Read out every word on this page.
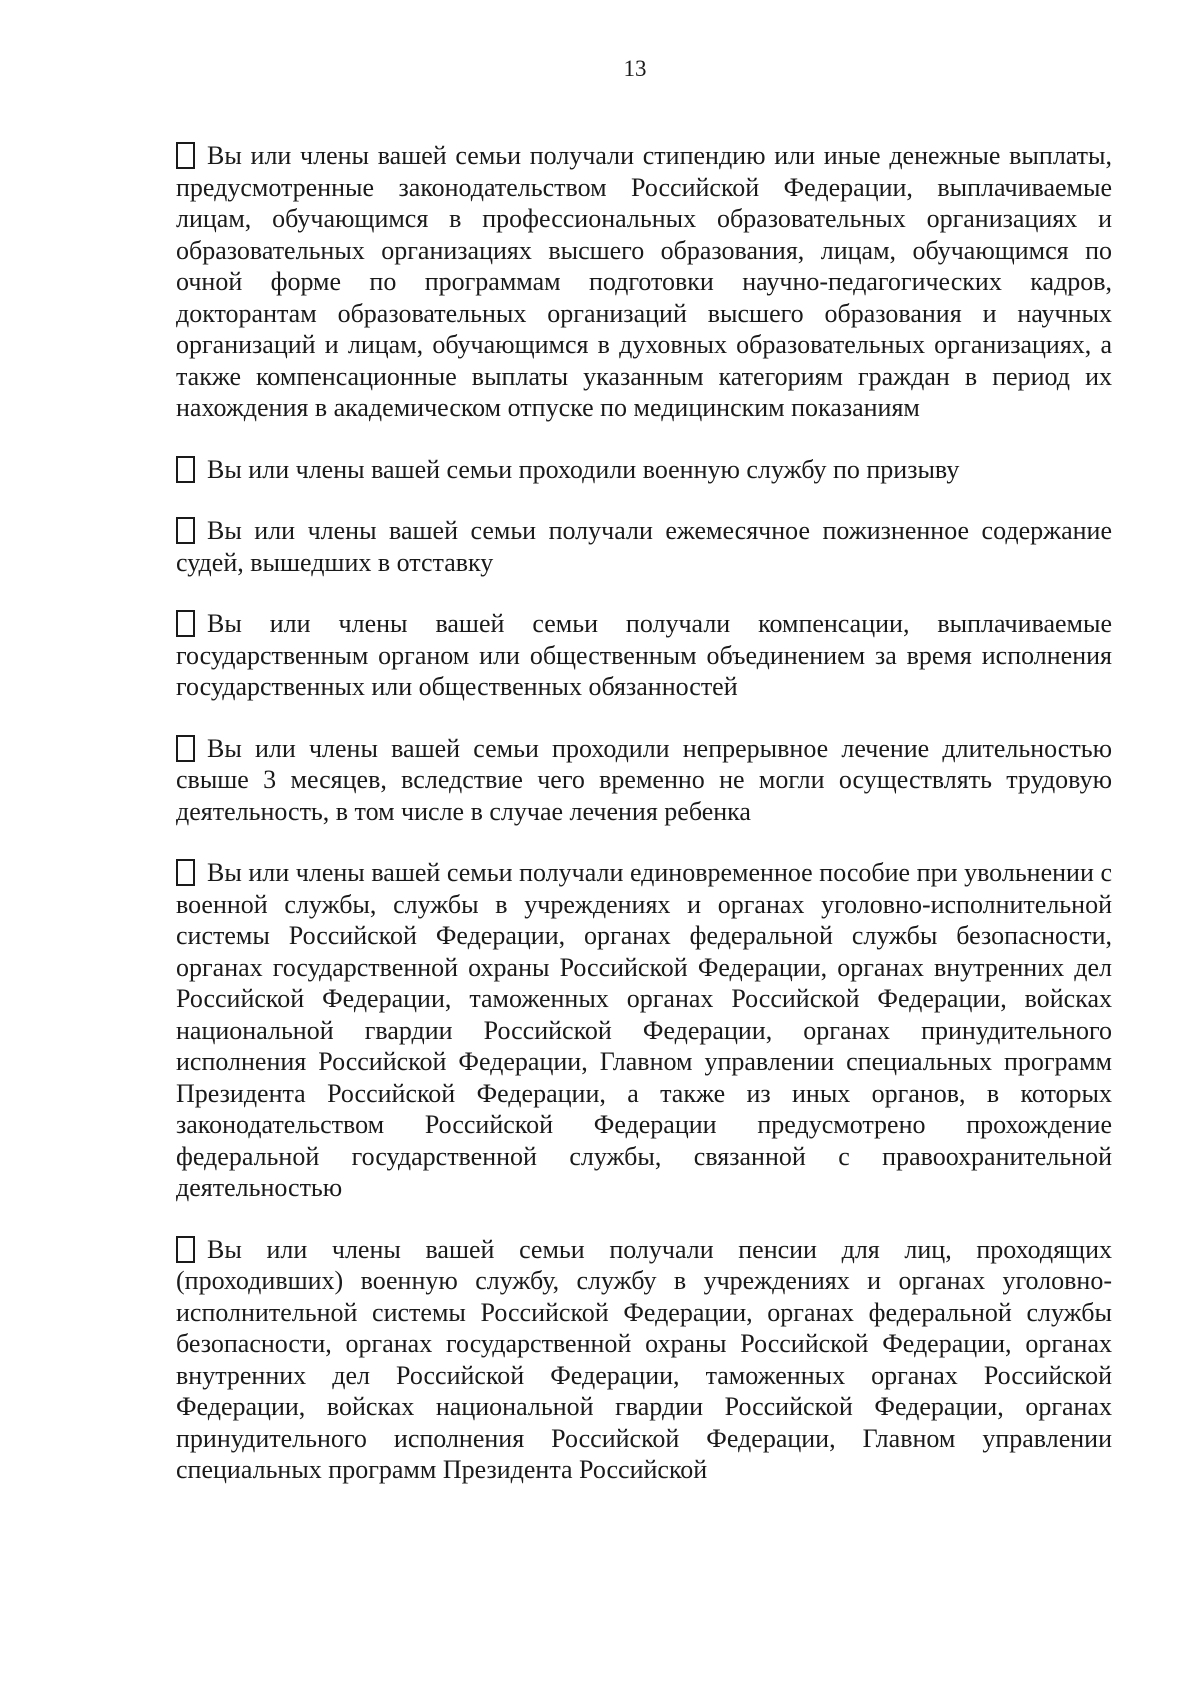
13
Вы или члены вашей семьи получали стипендию или иные денежные выплаты, предусмотренные законодательством Российской Федерации, выплачиваемые лицам, обучающимся в профессиональных образовательных организациях и образовательных организациях высшего образования, лицам, обучающимся по очной форме по программам подготовки научно-педагогических кадров, докторантам образовательных организаций высшего образования и научных организаций и лицам, обучающимся в духовных образовательных организациях, а также компенсационные выплаты указанным категориям граждан в период их нахождения в академическом отпуске по медицинским показаниям
Вы или члены вашей семьи проходили военную службу по призыву
Вы или члены вашей семьи получали ежемесячное пожизненное содержание судей, вышедших в отставку
Вы или члены вашей семьи получали компенсации, выплачиваемые государственным органом или общественным объединением за время исполнения государственных или общественных обязанностей
Вы или члены вашей семьи проходили непрерывное лечение длительностью свыше 3 месяцев, вследствие чего временно не могли осуществлять трудовую деятельность, в том числе в случае лечения ребенка
Вы или члены вашей семьи получали единовременное пособие при увольнении с военной службы, службы в учреждениях и органах уголовно-исполнительной системы Российской Федерации, органах федеральной службы безопасности, органах государственной охраны Российской Федерации, органах внутренних дел Российской Федерации, таможенных органах Российской Федерации, войсках национальной гвардии Российской Федерации, органах принудительного исполнения Российской Федерации, Главном управлении специальных программ Президента Российской Федерации, а также из иных органов, в которых законодательством Российской Федерации предусмотрено прохождение федеральной государственной службы, связанной с правоохранительной деятельностью
Вы или члены вашей семьи получали пенсии для лиц, проходящих (проходивших) военную службу, службу в учреждениях и органах уголовно-исполнительной системы Российской Федерации, органах федеральной службы безопасности, органах государственной охраны Российской Федерации, органах внутренних дел Российской Федерации, таможенных органах Российской Федерации, войсках национальной гвардии Российской Федерации, органах принудительного исполнения Российской Федерации, Главном управлении специальных программ Президента Российской
